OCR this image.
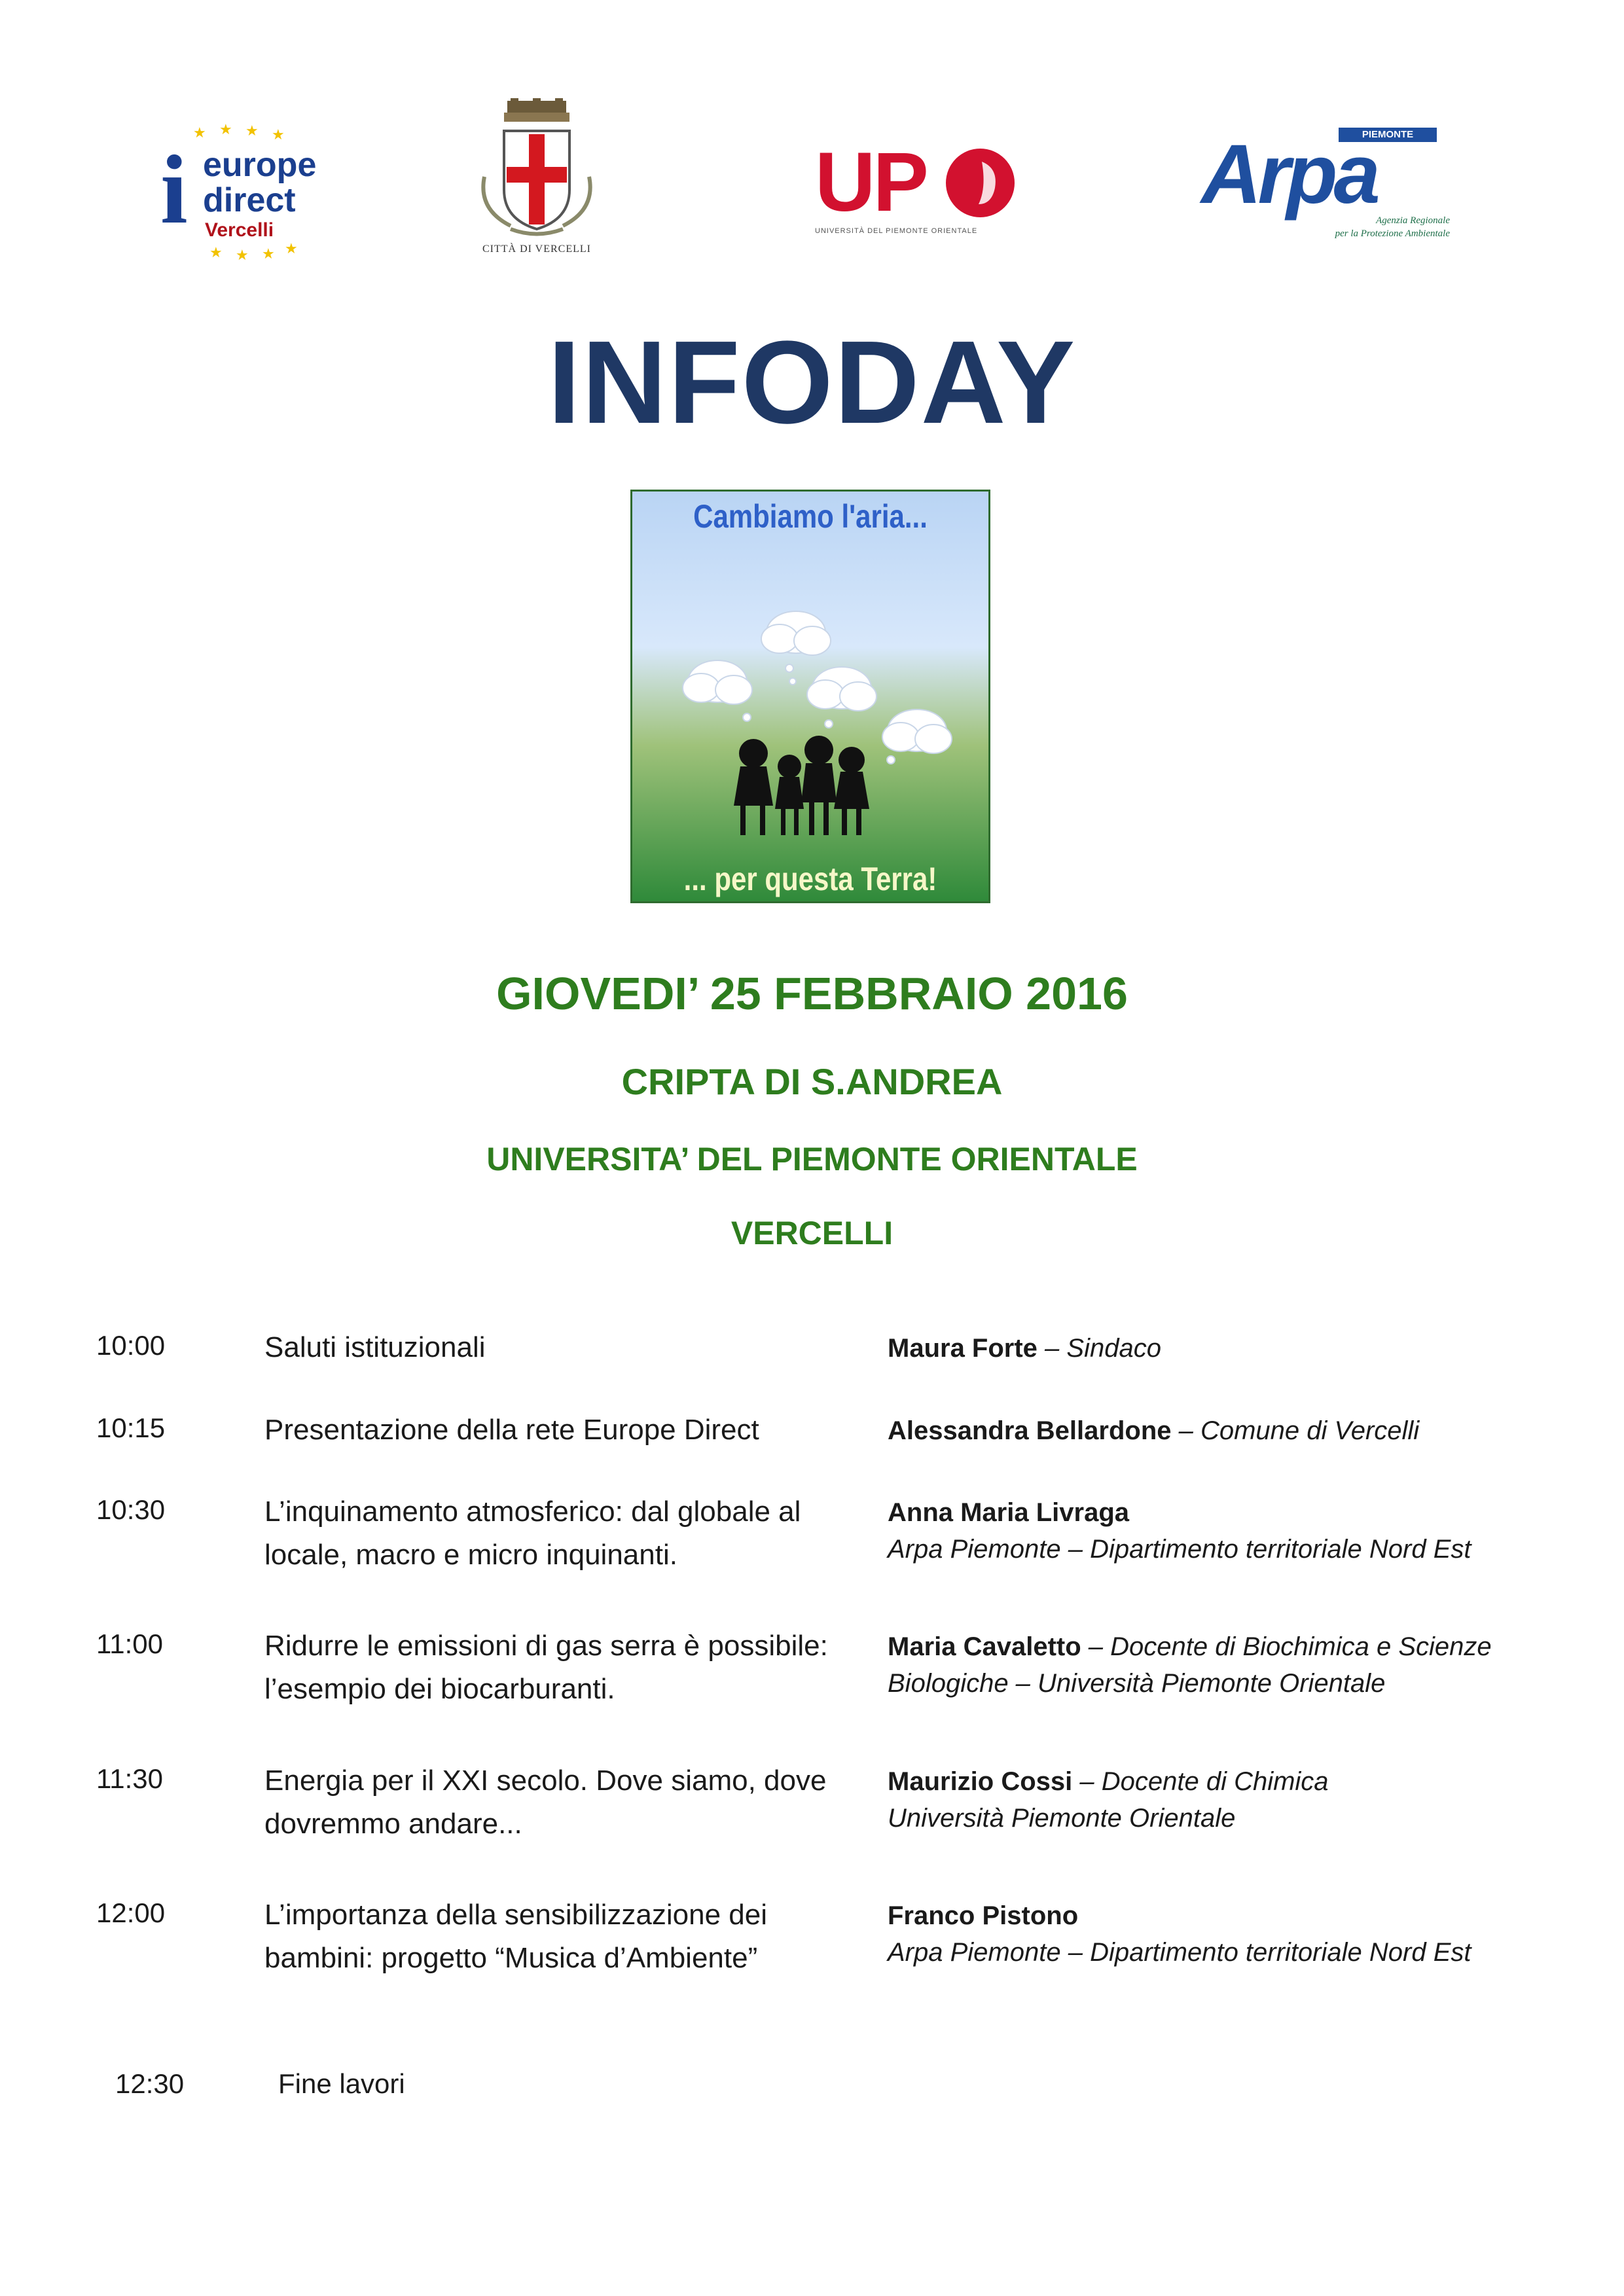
★ ★ ★ ★
★ ★ ★ ★
i europe
direct
Vercelli
CITTÀ DI VERCELLI
UP
UNIVERSITÀ DEL PIEMONTE ORIENTALE
PIEMONTE
Arpa Agenzia Regionale
per la Protezione Ambientale
INFODAY
Cambiamo l'aria...
... per questa Terra!
GIOVEDI’ 25 FEBBRAIO 2016
CRIPTA DI S.ANDREA
UNIVERSITA’ DEL PIEMONTE ORIENTALE
VERCELLI
10:00	Saluti istituzionali	Maura Forte – Sindaco
10:15	Presentazione della rete Europe Direct	Alessandra Bellardone – Comune di Vercelli
10:30	L’inquinamento atmosferico: dal globale al locale, macro e micro inquinanti.
Anna Maria Livraga
Arpa Piemonte – Dipartimento territoriale Nord Est
11:00	Ridurre le emissioni di gas serra è possibile: l’esempio dei biocarburanti.
Maria Cavaletto – Docente di Biochimica e Scienze Biologiche – Università Piemonte Orientale
11:30	Energia per il XXI secolo. Dove siamo, dove dovremmo andare...
Maurizio Cossi – Docente di Chimica Università Piemonte Orientale
12:00	L’importanza della sensibilizzazione dei bambini: progetto “Musica d’Ambiente”
Franco Pistono
Arpa Piemonte – Dipartimento territoriale Nord Est
12:30	Fine lavori
